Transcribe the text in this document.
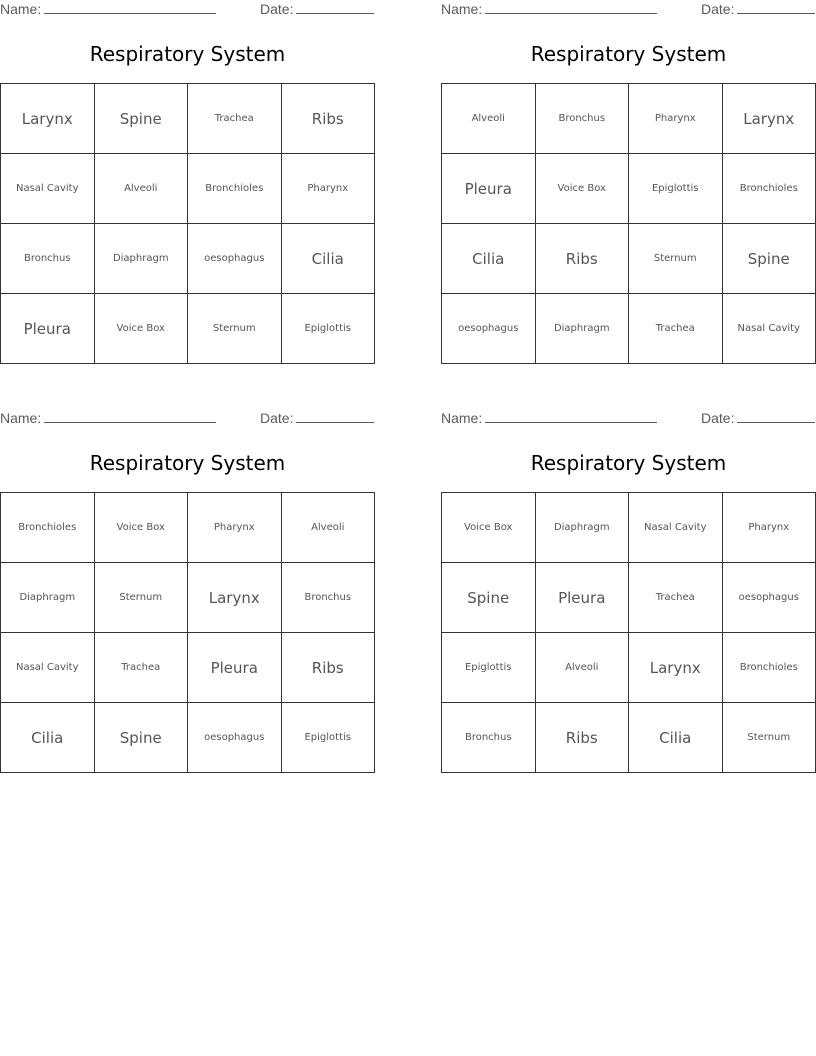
Name:	Date:
Respiratory System
Larynx	Spine	Trachea	Ribs
Nasal Cavity	Alveoli	Bronchioles	Pharynx
Bronchus	Diaphragm	oesophagus	Cilia
Pleura	Voice Box	Sternum	Epiglottis
Name:	Date:
Respiratory System
Alveoli	Bronchus	Pharynx	Larynx
Pleura	Voice Box	Epiglottis	Bronchioles
Cilia	Ribs	Sternum	Spine
oesophagus	Diaphragm	Trachea	Nasal Cavity
Name:	Date:
Respiratory System
Bronchioles	Voice Box	Pharynx	Alveoli
Diaphragm	Sternum	Larynx	Bronchus
Nasal Cavity	Trachea	Pleura	Ribs
Cilia	Spine	oesophagus	Epiglottis
Name:	Date:
Respiratory System
Voice Box	Diaphragm	Nasal Cavity	Pharynx
Spine	Pleura	Trachea	oesophagus
Epiglottis	Alveoli	Larynx	Bronchioles
Bronchus	Ribs	Cilia	Sternum
